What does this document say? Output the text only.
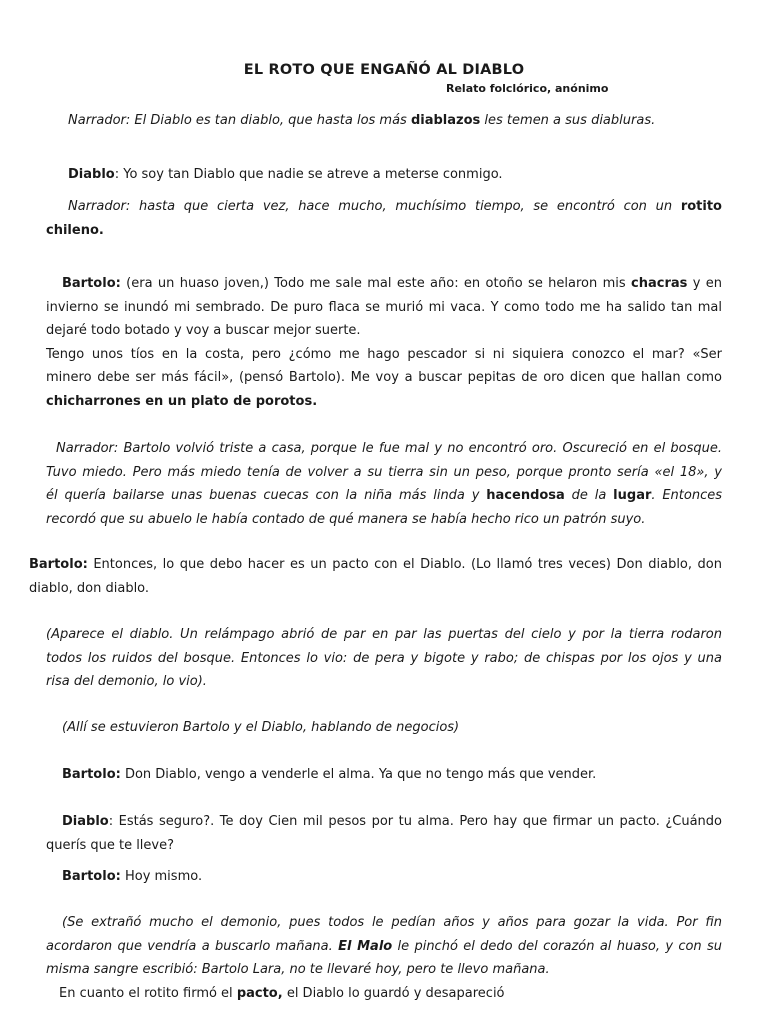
EL ROTO QUE ENGAÑÓ AL DIABLO
Relato folclórico, anónimo
Narrador: El Diablo es tan diablo, que hasta los más diablazos les temen a sus diabluras.
Diablo: Yo soy tan Diablo que nadie se atreve a meterse conmigo.
Narrador: hasta que cierta vez, hace mucho, muchísimo tiempo, se encontró con un rotito
chileno.
Bartolo: (era un huaso joven,) Todo me sale mal este año: en otoño se helaron mis chacras y en
invierno se inundó mi sembrado. De puro flaca se murió mi vaca. Y como todo me ha salido tan mal
dejaré todo botado y voy a buscar mejor suerte.
Tengo unos tíos en la costa, pero ¿cómo me hago pescador si ni siquiera conozco el mar? «Ser
minero debe ser más fácil», (pensó Bartolo). Me voy a buscar pepitas de oro dicen que hallan como
chicharrones en un plato de porotos.
Narrador: Bartolo volvió triste a casa, porque le fue mal y no encontró oro. Oscureció en el bosque.
Tuvo miedo. Pero más miedo tenía de volver a su tierra sin un peso, porque pronto sería «el 18», y
él quería bailarse unas buenas cuecas con la niña más linda y hacendosa de la lugar. Entonces
recordó que su abuelo le había contado de qué manera se había hecho rico un patrón suyo.
Bartolo: Entonces, lo que debo hacer es un pacto con el Diablo. (Lo llamó tres veces) Don diablo, don
diablo, don diablo.
(Aparece el diablo. Un relámpago abrió de par en par las puertas del cielo y por la tierra rodaron
todos los ruidos del bosque. Entonces lo vio: de pera y bigote y rabo; de chispas por los ojos y una
risa del demonio, lo vio).
(Allí se estuvieron Bartolo y el Diablo, hablando de negocios)
Bartolo: Don Diablo, vengo a venderle el alma. Ya que no tengo más que vender.
Diablo: Estás seguro?. Te doy Cien mil pesos por tu alma. Pero hay que firmar un pacto. ¿Cuándo
querís que te lleve?
Bartolo: Hoy mismo.
(Se extrañó mucho el demonio, pues todos le pedían años y años para gozar la vida. Por fin
acordaron que vendría a buscarlo mañana. El Malo le pinchó el dedo del corazón al huaso, y con su
misma sangre escribió: Bartolo Lara, no te llevaré hoy, pero te llevo mañana.
En cuanto el rotito firmó el pacto, el Diablo lo guardó y desapareció
